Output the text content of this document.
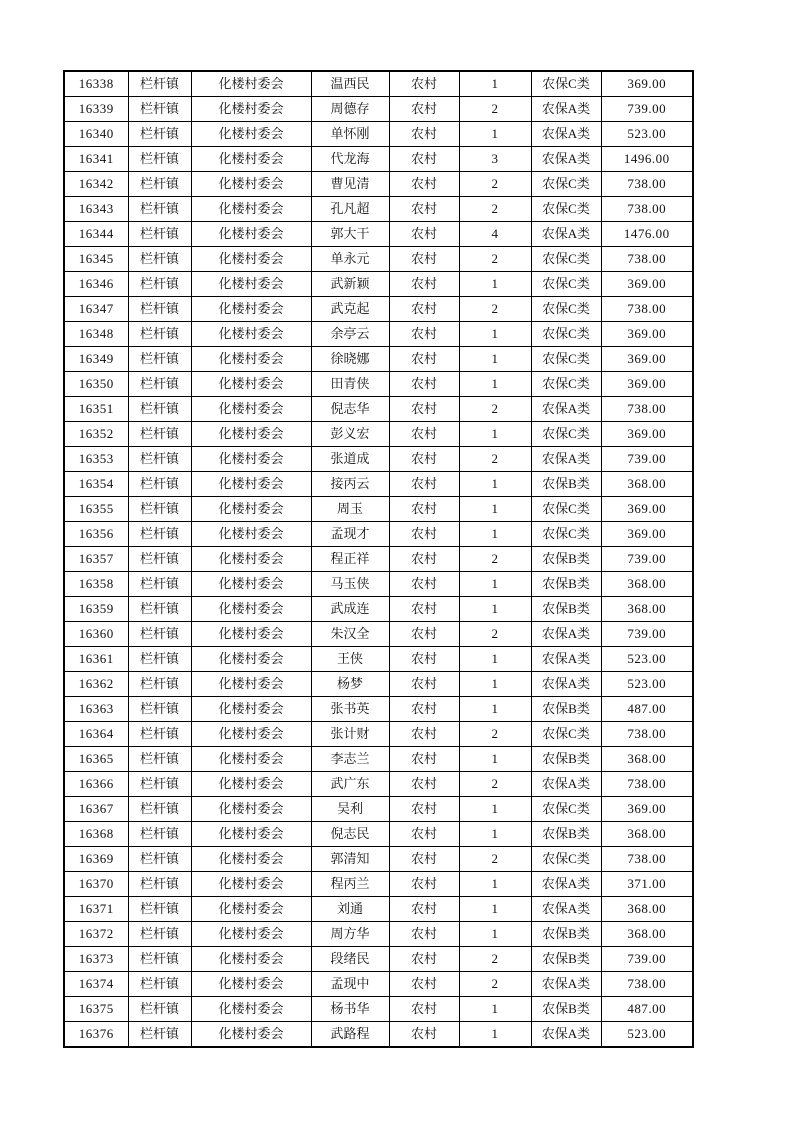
16338	栏杆镇	化楼村委会	温西民	农村	1	农保C类	369.00
16339	栏杆镇	化楼村委会	周德存	农村	2	农保A类	739.00
16340	栏杆镇	化楼村委会	单怀刚	农村	1	农保A类	523.00
16341	栏杆镇	化楼村委会	代龙海	农村	3	农保A类	1496.00
16342	栏杆镇	化楼村委会	曹见清	农村	2	农保C类	738.00
16343	栏杆镇	化楼村委会	孔凡超	农村	2	农保C类	738.00
16344	栏杆镇	化楼村委会	郭大干	农村	4	农保A类	1476.00
16345	栏杆镇	化楼村委会	单永元	农村	2	农保C类	738.00
16346	栏杆镇	化楼村委会	武新颖	农村	1	农保C类	369.00
16347	栏杆镇	化楼村委会	武克起	农村	2	农保C类	738.00
16348	栏杆镇	化楼村委会	余亭云	农村	1	农保C类	369.00
16349	栏杆镇	化楼村委会	徐晓娜	农村	1	农保C类	369.00
16350	栏杆镇	化楼村委会	田青侠	农村	1	农保C类	369.00
16351	栏杆镇	化楼村委会	倪志华	农村	2	农保A类	738.00
16352	栏杆镇	化楼村委会	彭义宏	农村	1	农保C类	369.00
16353	栏杆镇	化楼村委会	张道成	农村	2	农保A类	739.00
16354	栏杆镇	化楼村委会	接丙云	农村	1	农保B类	368.00
16355	栏杆镇	化楼村委会	周玉	农村	1	农保C类	369.00
16356	栏杆镇	化楼村委会	孟现才	农村	1	农保C类	369.00
16357	栏杆镇	化楼村委会	程正祥	农村	2	农保B类	739.00
16358	栏杆镇	化楼村委会	马玉侠	农村	1	农保B类	368.00
16359	栏杆镇	化楼村委会	武成连	农村	1	农保B类	368.00
16360	栏杆镇	化楼村委会	朱汉全	农村	2	农保A类	739.00
16361	栏杆镇	化楼村委会	王侠	农村	1	农保A类	523.00
16362	栏杆镇	化楼村委会	杨梦	农村	1	农保A类	523.00
16363	栏杆镇	化楼村委会	张书英	农村	1	农保B类	487.00
16364	栏杆镇	化楼村委会	张计财	农村	2	农保C类	738.00
16365	栏杆镇	化楼村委会	李志兰	农村	1	农保B类	368.00
16366	栏杆镇	化楼村委会	武广东	农村	2	农保A类	738.00
16367	栏杆镇	化楼村委会	吴利	农村	1	农保C类	369.00
16368	栏杆镇	化楼村委会	倪志民	农村	1	农保B类	368.00
16369	栏杆镇	化楼村委会	郭清知	农村	2	农保C类	738.00
16370	栏杆镇	化楼村委会	程丙兰	农村	1	农保A类	371.00
16371	栏杆镇	化楼村委会	刘通	农村	1	农保A类	368.00
16372	栏杆镇	化楼村委会	周方华	农村	1	农保B类	368.00
16373	栏杆镇	化楼村委会	段绪民	农村	2	农保B类	739.00
16374	栏杆镇	化楼村委会	孟现中	农村	2	农保A类	738.00
16375	栏杆镇	化楼村委会	杨书华	农村	1	农保B类	487.00
16376	栏杆镇	化楼村委会	武路程	农村	1	农保A类	523.00
